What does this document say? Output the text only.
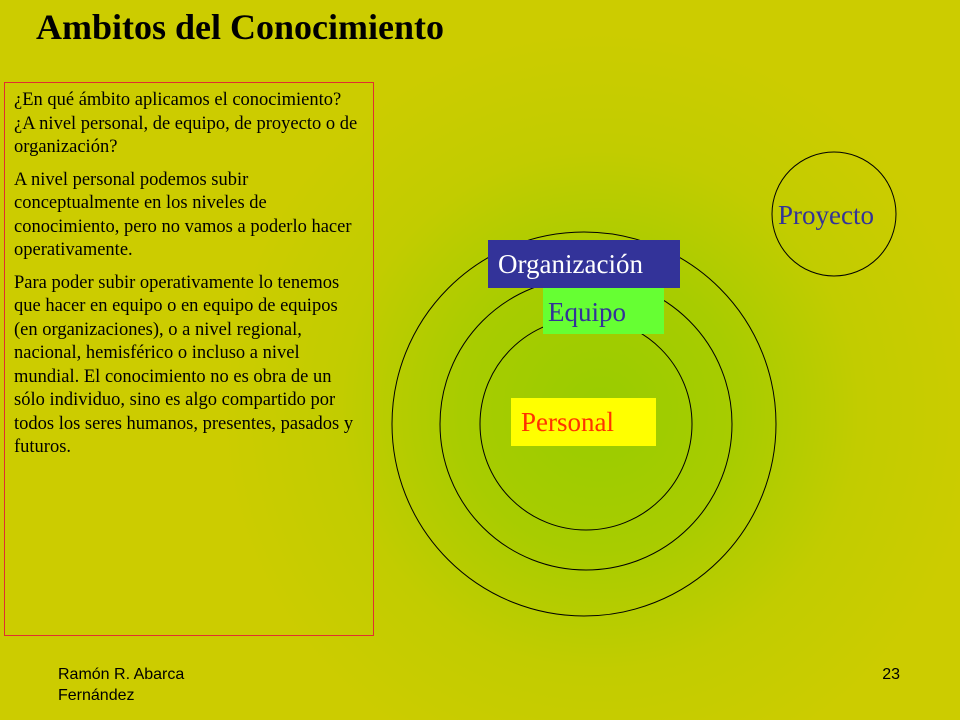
Ambitos del Conocimiento

¿En qué ámbito aplicamos el conocimiento? ¿A nivel personal, de equipo, de proyecto o de organización?

A nivel personal podemos subir conceptualmente en los niveles de conocimiento, pero no vamos a poderlo hacer operativamente.

Para poder subir operativamente lo tenemos que hacer en equipo o en equipo de equipos (en organizaciones), o a nivel regional, nacional, hemisférico o incluso a nivel mundial. El conocimiento no es obra de un sólo individuo, sino es algo compartido por todos los seres humanos, presentes, pasados y futuros.

Organización
Equipo
Personal
Proyecto
Ramón R. Abarca Fernández
23
